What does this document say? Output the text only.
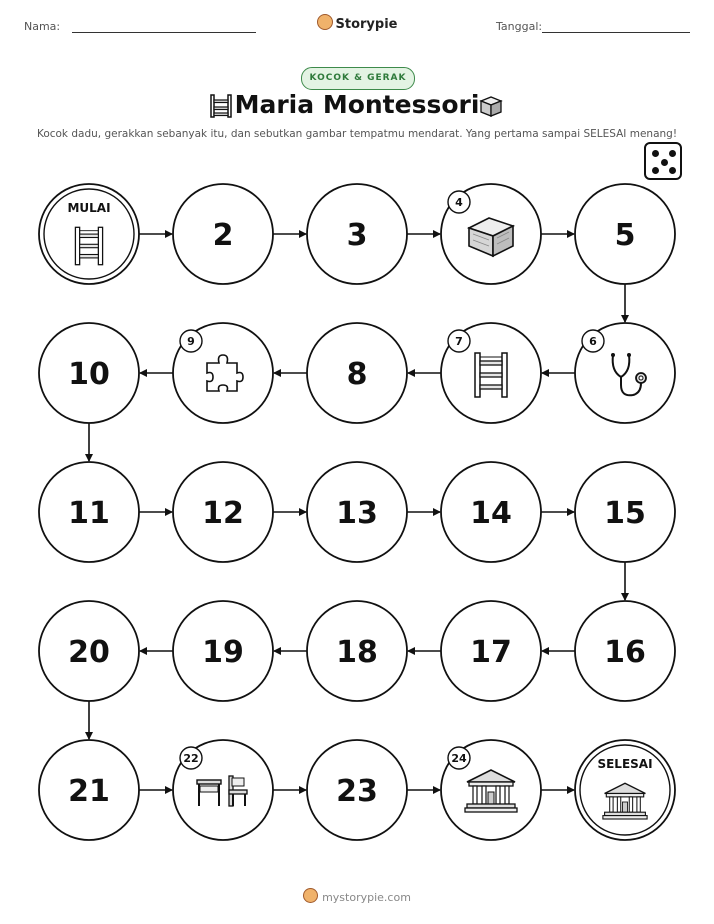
Nama:	Storypie	Tanggal:
KOCOK & GERAK
Maria Montessori
Kocok dadu, gerakkan sebanyak itu, dan sebutkan gambar tempatmu mendarat. Yang pertama sampai SELESAI menang!
MULAI
2	3
4
5
6
7
8
9
10
11	12	13	14	15
16
17
18
19
20
21
22
23
24	SELESAI
mystorypie.com
